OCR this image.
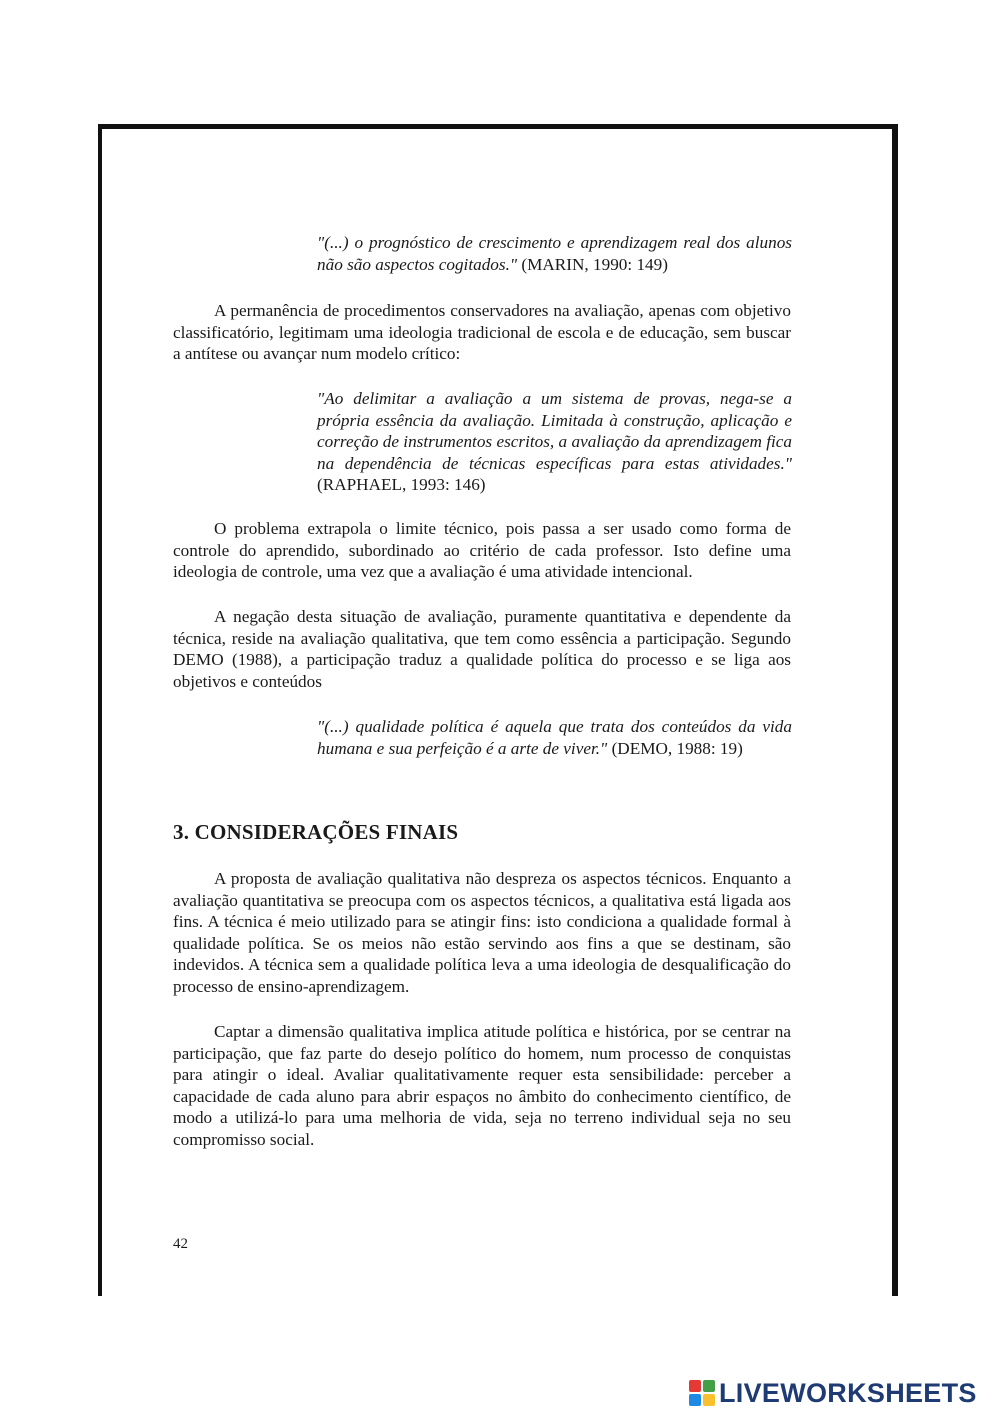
"(...) o prognóstico de crescimento e aprendizagem real dos alunos não são aspectos cogitados." (MARIN, 1990: 149)

A permanência de procedimentos conservadores na avaliação, apenas com objetivo classificatório, legitimam uma ideologia tradicional de escola e de educação, sem buscar a antítese ou avançar num modelo crítico:

"Ao delimitar a avaliação a um sistema de provas, nega-se a própria essência da avaliação. Limitada à construção, aplicação e correção de instrumentos escritos, a avaliação da aprendizagem fica na dependência de técnicas específicas para estas atividades."(RAPHAEL, 1993: 146)

O problema extrapola o limite técnico, pois passa a ser usado como forma de controle do aprendido, subordinado ao critério de cada professor. Isto define uma ideologia de controle, uma vez que a avaliação é uma atividade intencional.

A negação desta situação de avaliação, puramente quantitativa e dependente da técnica, reside na avaliação qualitativa, que tem como essência a participação. Segundo DEMO (1988), a participação traduz a qualidade política do processo e se liga aos objetivos e conteúdos

"(...) qualidade política é aquela que trata dos conteúdos da vida humana e sua perfeição é a arte de viver." (DEMO, 1988: 19)

3. CONSIDERAÇÕES FINAIS

A proposta de avaliação qualitativa não despreza os aspectos técnicos. Enquanto a avaliação quantitativa se preocupa com os aspectos técnicos, a qualitativa está ligada aos fins. A técnica é meio utilizado para se atingir fins: isto condiciona a qualidade formal à qualidade política. Se os meios não estão servindo aos fins a que se destinam, são indevidos. A técnica sem a qualidade política leva a uma ideologia de desqualificação do processo de ensino-aprendizagem.

Captar a dimensão qualitativa implica atitude política e histórica, por se centrar na participação, que faz parte do desejo político do homem, num processo de conquistas para atingir o ideal. Avaliar qualitativamente requer esta sensibilidade: perceber a capacidade de cada aluno para abrir espaços no âmbito do conhecimento científico, de modo a utilizá-lo para uma melhoria de vida, seja no terreno individual seja no seu compromisso social.

42

LIVEWORKSHEETS
